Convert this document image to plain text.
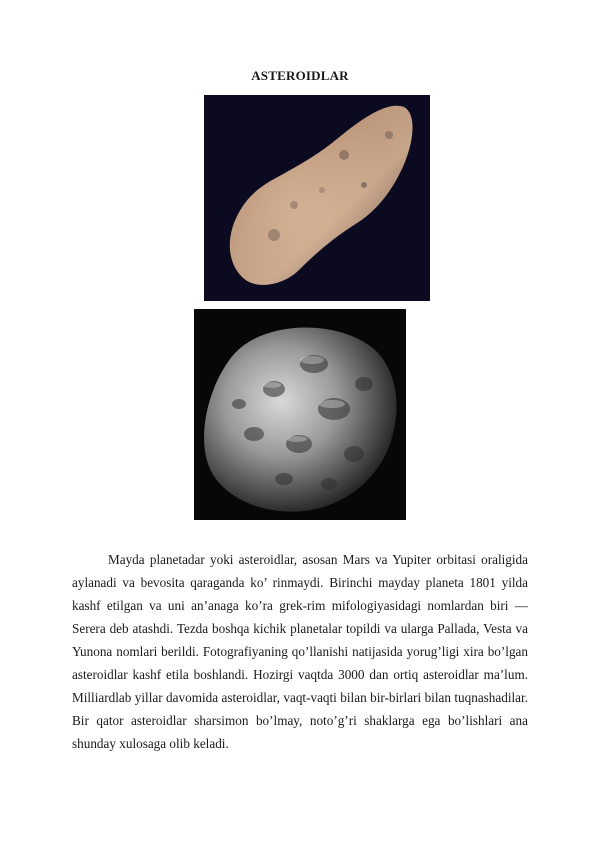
ASTEROIDLAR
Mayda planetadar yoki asteroidlar, asosan Mars va Yupiter orbitasi oraligida aylanadi va bevosita qaraganda ko’ rinmaydi. Birinchi mayday planeta 1801 yilda kashf etilgan va uni an’anaga ko’ra grek-rim mifologiyasidagi nomlardan biri — Serera deb atashdi. Tezda boshqa kichik planetalar topildi va ularga Pallada, Vesta va Yunona nomlari berildi. Fotografiyaning qo’llanishi natijasida yorug’ligi xira bo’lgan asteroidlar kashf etila boshlandi. Hozirgi vaqtda 3000 dan ortiq asteroidlar ma’lum. Milliardlab yillar davomida asteroidlar, vaqt-vaqti bilan bir-birlari bilan tuqnashadilar. Bir qator asteroidlar sharsimon bo’lmay, noto’g’ri shaklarga ega bo’lishlari ana shunday xulosaga olib keladi.
